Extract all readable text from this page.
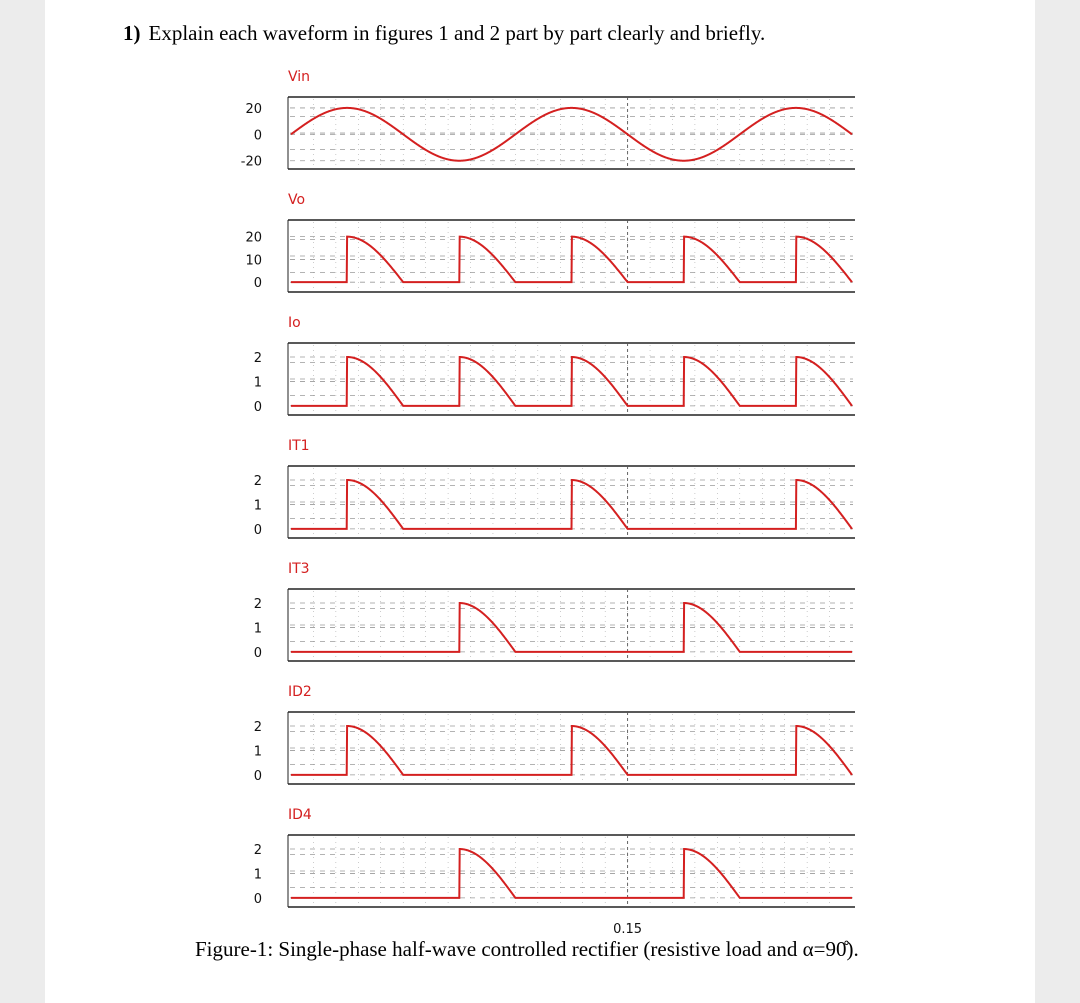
1) Explain each waveform in figures 1 and 2 part by part clearly and briefly.
Figure-1: Single-phase half-wave controlled rectifier (resistive load and α=90̊).
Vin
20
0
-20
Vo
20
10
0
Io
2
1
0
IT1
2
1
0
IT3
2
1
0
ID2
2
1
0
ID4
2
1
0
0.15
